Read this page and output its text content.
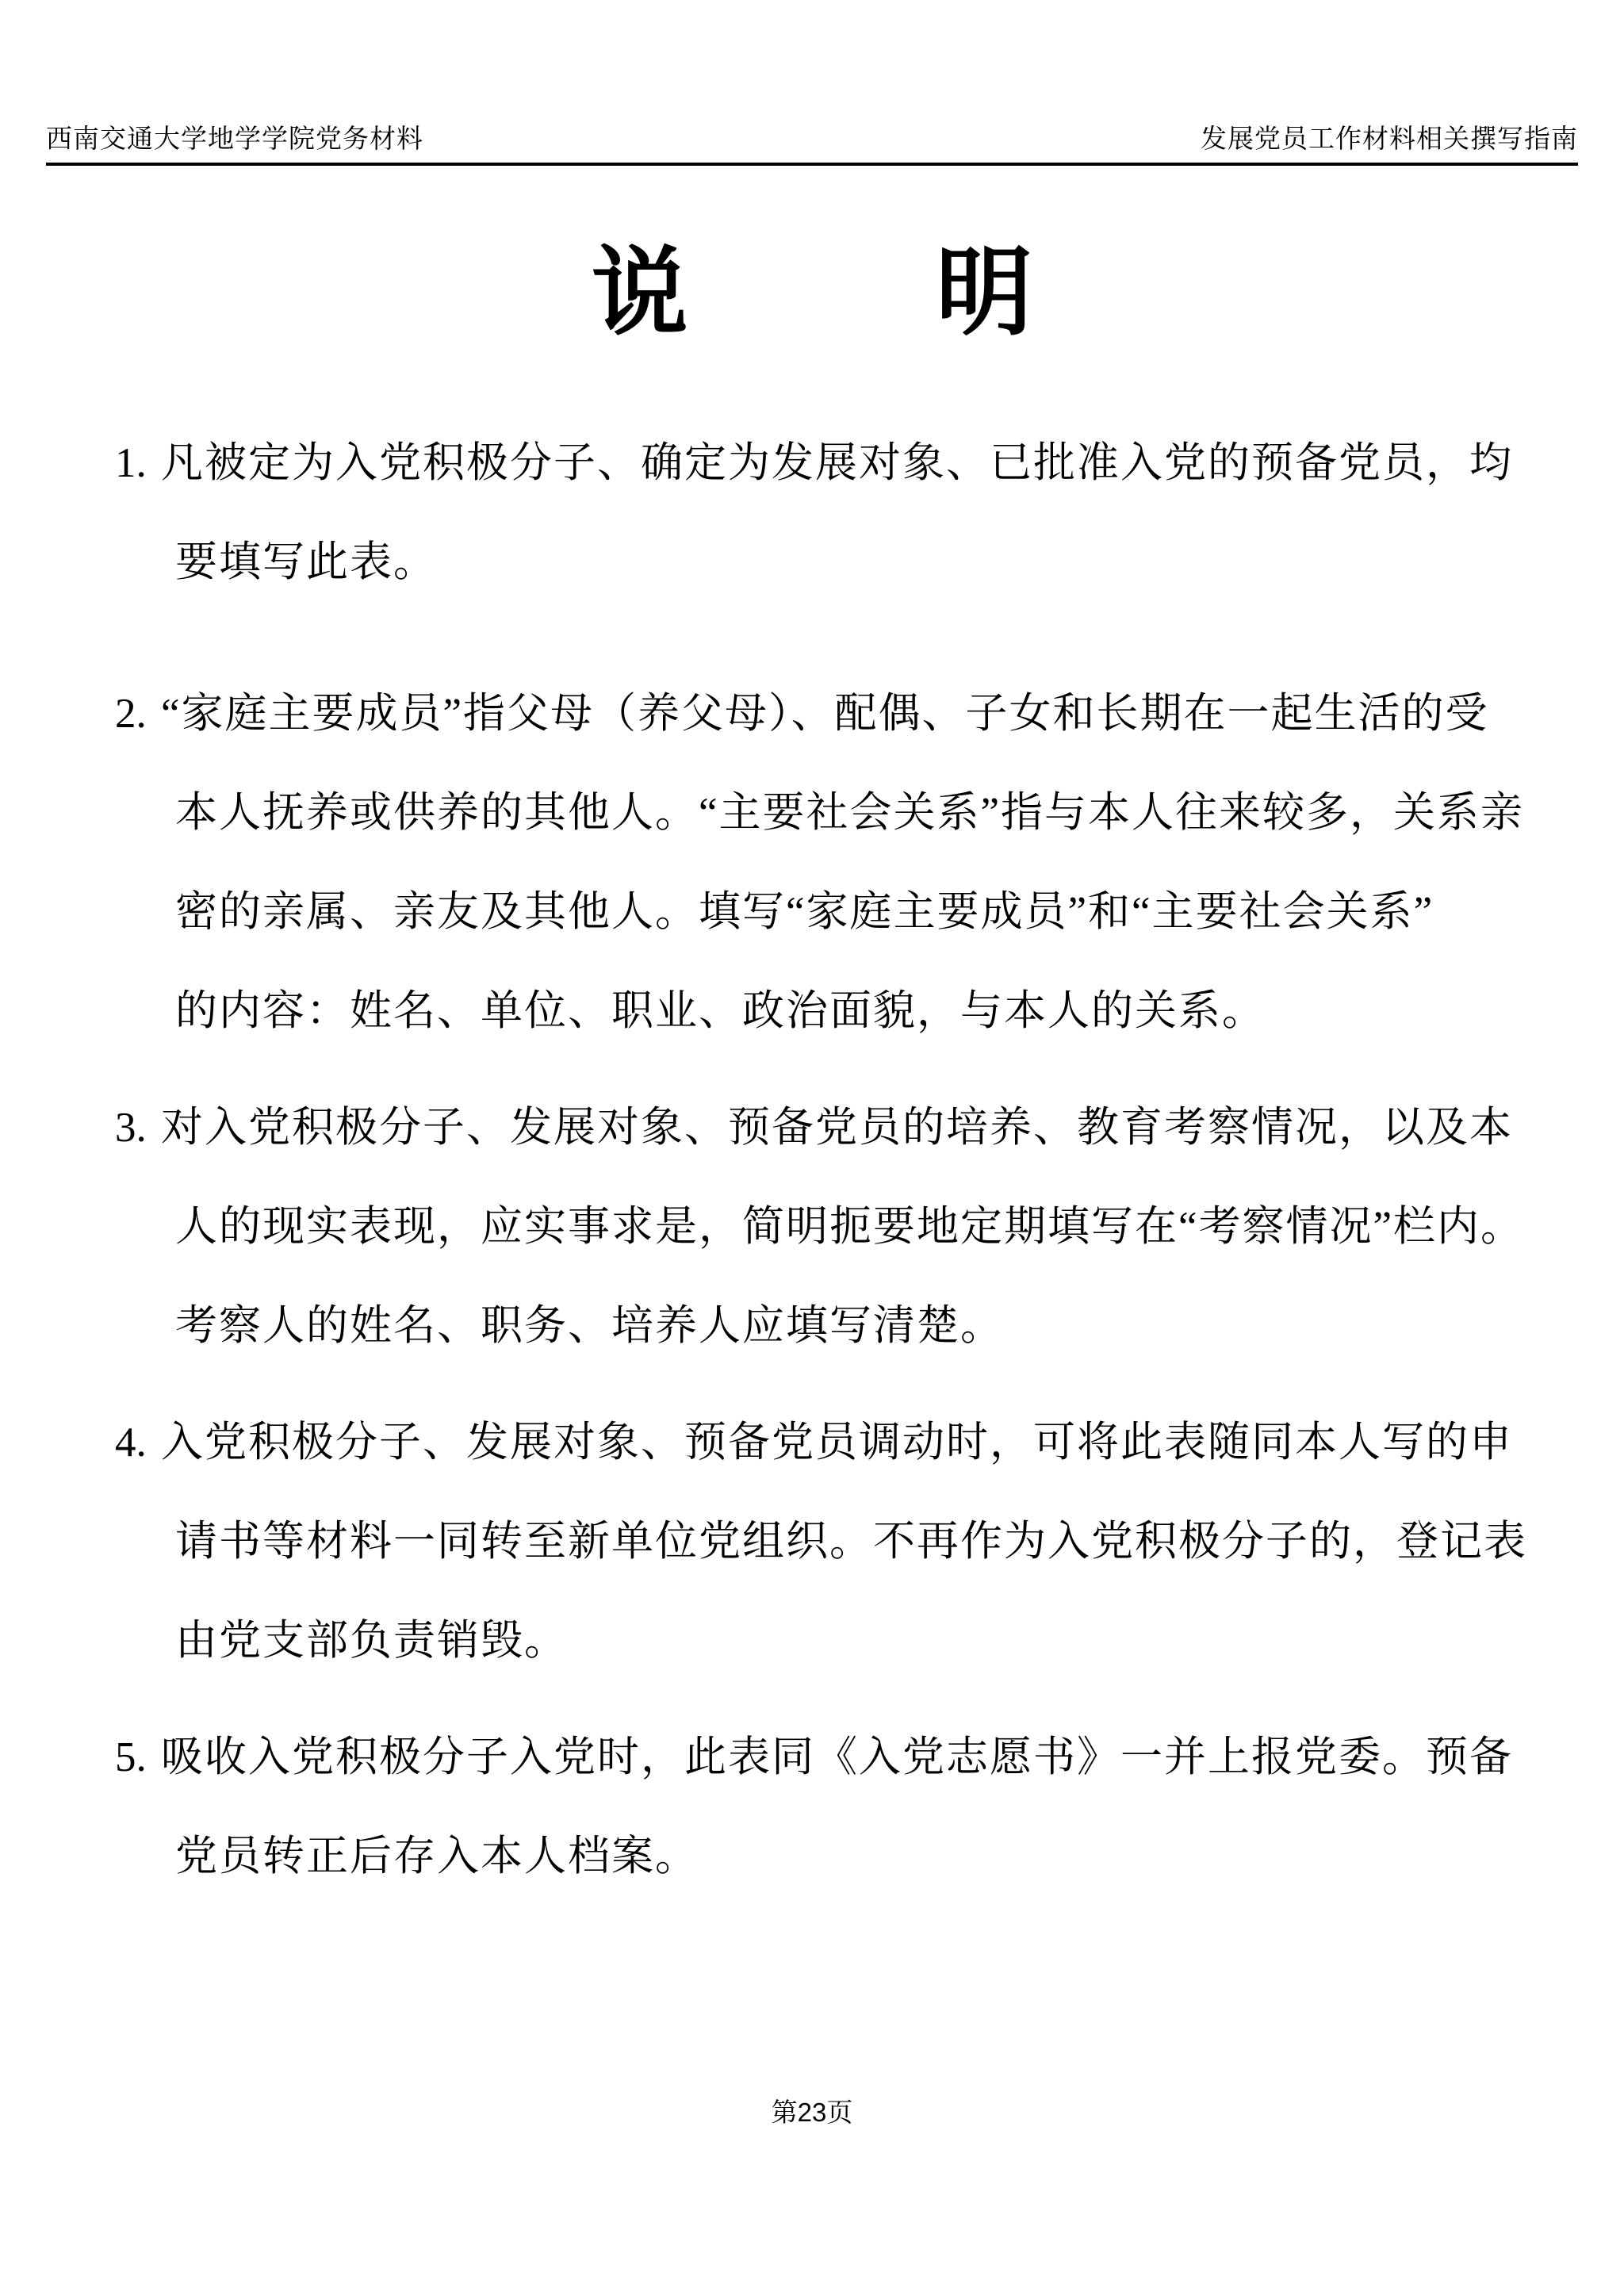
西南交通大学地学学院党务材料	发展党员工作材料相关撰写指南
说	明
1. 凡被定为入党积极分子、确定为发展对象、已批准入党的预备党员，均
要填写此表。
2. “家庭主要成员”指父母（养父母）、配偶、子女和长期在一起生活的受
本人抚养或供养的其他人。“主要社会关系”指与本人往来较多，关系亲
密的亲属、亲友及其他人。填写“家庭主要成员”和“主要社会关系”
的内容：姓名、单位、职业、政治面貌，与本人的关系。
3. 对入党积极分子、发展对象、预备党员的培养、教育考察情况，以及本
人的现实表现，应实事求是，简明扼要地定期填写在“考察情况”栏内。
考察人的姓名、职务、培养人应填写清楚。
4. 入党积极分子、发展对象、预备党员调动时，可将此表随同本人写的申
请书等材料一同转至新单位党组织。不再作为入党积极分子的，登记表
由党支部负责销毁。
5. 吸收入党积极分子入党时，此表同《入党志愿书》一并上报党委。预备
党员转正后存入本人档案。
第23页
